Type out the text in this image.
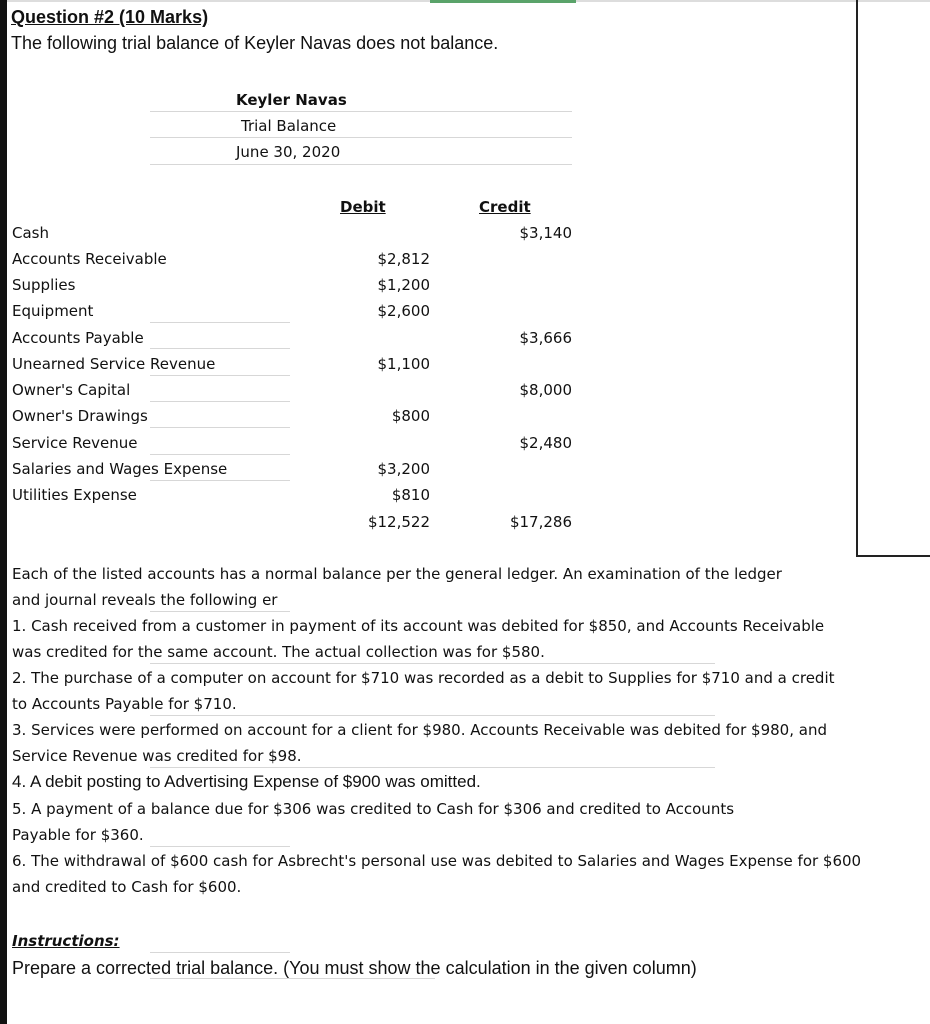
Question #2 (10 Marks)
The following trial balance of Keyler Navas does not balance.
Keyler Navas
Trial Balance
June 30, 2020
Debit	Credit
Cash
Accounts Receivable
Supplies
Equipment
Accounts Payable
Unearned Service Revenue
Owner's Capital
Owner's Drawings
Service Revenue
Salaries and Wages Expense
Utilities Expense
$2,812
$1,200
$2,600
$1,100
$800
$3,200
$810
$12,522
$3,140
$3,666
$8,000
$2,480
$17,286
Each of the listed accounts has a normal balance per the general ledger. An examination of the ledger
and journal reveals the following er
1. Cash received from a customer in payment of its account was debited for $850, and Accounts Receivable
was credited for the same account. The actual collection was for $580.
2. The purchase of a computer on account for $710 was recorded as a debit to Supplies for $710 and a credit
to Accounts Payable for $710.
3. Services were performed on account for a client for $980. Accounts Receivable was debited for $980, and
Service Revenue was credited for $98.
4. A debit posting to Advertising Expense of $900 was omitted.
5. A payment of a balance due for $306 was credited to Cash for $306 and credited to Accounts
Payable for $360.
6. The withdrawal of $600 cash for Asbrecht's personal use was debited to Salaries and Wages Expense for $600
and credited to Cash for $600.
Instructions:
Prepare a corrected trial balance. (You must show the calculation in the given column)
